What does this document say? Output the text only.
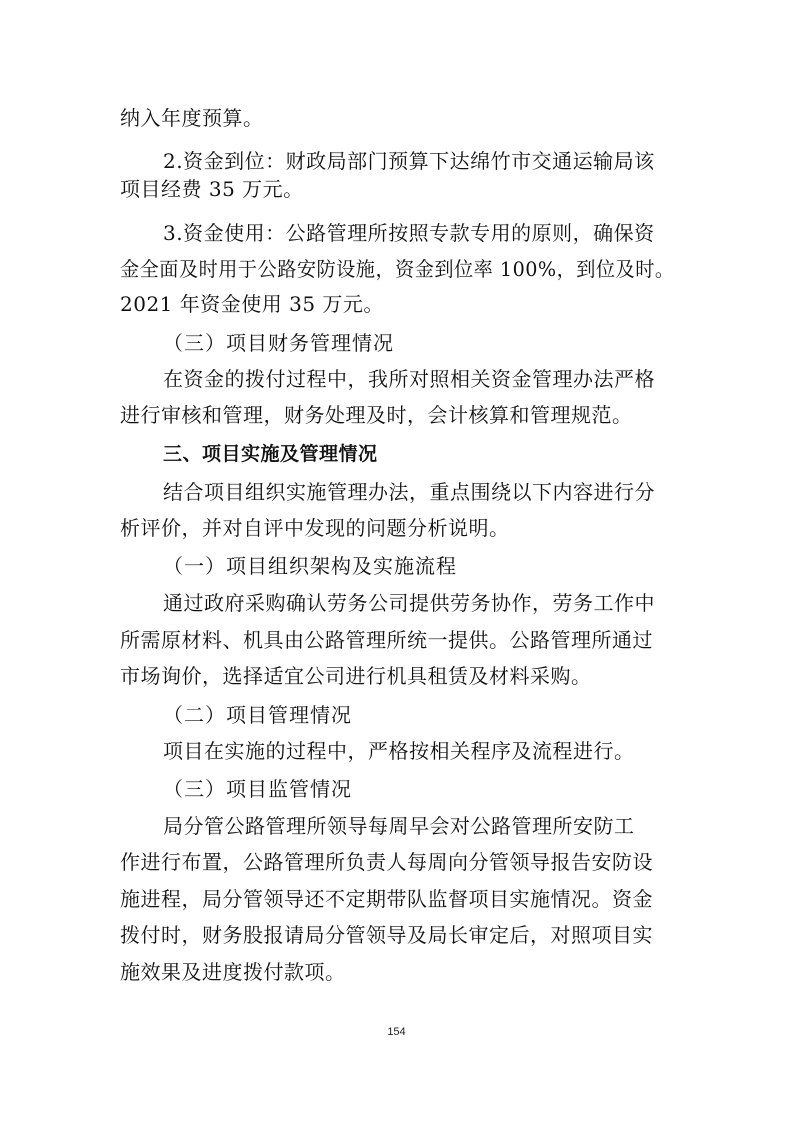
纳入年度预算。
2.资金到位：财政局部门预算下达绵竹市交通运输局该
项目经费 35 万元。
3.资金使用：公路管理所按照专款专用的原则，确保资
金全面及时用于公路安防设施，资金到位率 100%，到位及时。
2021 年资金使用 35 万元。
（三）项目财务管理情况
在资金的拨付过程中，我所对照相关资金管理办法严格
进行审核和管理，财务处理及时，会计核算和管理规范。
三、项目实施及管理情况
结合项目组织实施管理办法，重点围绕以下内容进行分
析评价，并对自评中发现的问题分析说明。
（一）项目组织架构及实施流程
通过政府采购确认劳务公司提供劳务协作，劳务工作中
所需原材料、机具由公路管理所统一提供。公路管理所通过
市场询价，选择适宜公司进行机具租赁及材料采购。
（二）项目管理情况
项目在实施的过程中，严格按相关程序及流程进行。
（三）项目监管情况
局分管公路管理所领导每周早会对公路管理所安防工
作进行布置，公路管理所负责人每周向分管领导报告安防设
施进程，局分管领导还不定期带队监督项目实施情况。资金
拨付时，财务股报请局分管领导及局长审定后，对照项目实
施效果及进度拨付款项。
154
